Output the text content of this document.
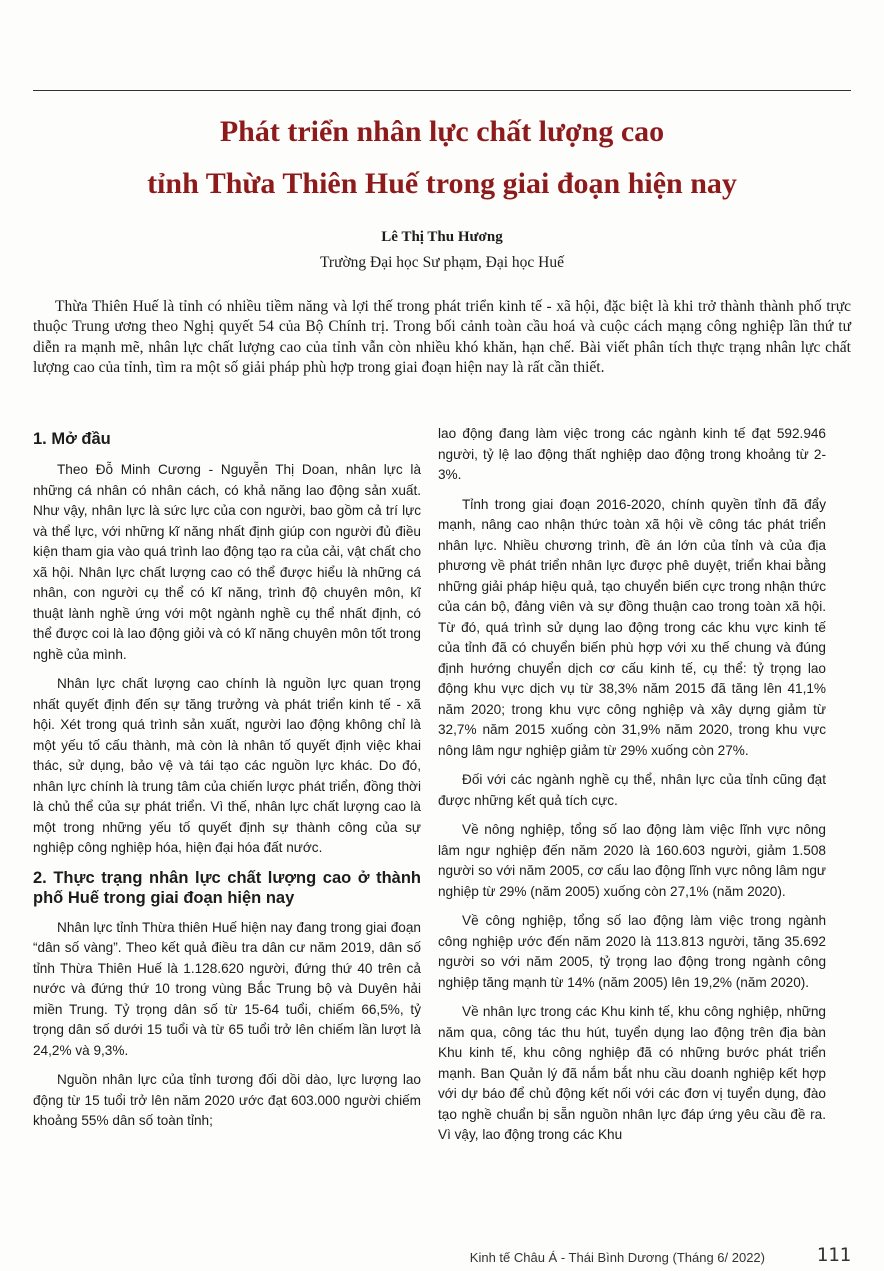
Phát triển nhân lực chất lượng cao
tỉnh Thừa Thiên Huế trong giai đoạn hiện nay
Lê Thị Thu Hương
Trường Đại học Sư phạm, Đại học Huế

Thừa Thiên Huế là tỉnh có nhiều tiềm năng và lợi thế trong phát triển kinh tế - xã hội, đặc biệt là khi trở thành thành phố trực thuộc Trung ương theo Nghị quyết 54 của Bộ Chính trị. Trong bối cảnh toàn cầu hoá và cuộc cách mạng công nghiệp lần thứ tư diễn ra mạnh mẽ, nhân lực chất lượng cao của tỉnh vẫn còn nhiều khó khăn, hạn chế. Bài viết phân tích thực trạng nhân lực chất lượng cao của tỉnh, tìm ra một số giải pháp phù hợp trong giai đoạn hiện nay là rất cần thiết.

1. Mở đầu

Theo Đỗ Minh Cương - Nguyễn Thị Doan, nhân lực là những cá nhân có nhân cách, có khả năng lao động sản xuất. Như vậy, nhân lực là sức lực của con người, bao gồm cả trí lực và thể lực, với những kĩ năng nhất định giúp con người đủ điều kiện tham gia vào quá trình lao động tạo ra của cải, vật chất cho xã hội. Nhân lực chất lượng cao có thể được hiểu là những cá nhân, con người cụ thể có kĩ năng, trình độ chuyên môn, kĩ thuật lành nghề ứng với một ngành nghề cụ thể nhất định, có thể được coi là lao động giỏi và có kĩ năng chuyên môn tốt trong nghề của mình.

Nhân lực chất lượng cao chính là nguồn lực quan trọng nhất quyết định đến sự tăng trưởng và phát triển kinh tế - xã hội. Xét trong quá trình sản xuất, người lao động không chỉ là một yếu tố cấu thành, mà còn là nhân tố quyết định việc khai thác, sử dụng, bảo vệ và tái tạo các nguồn lực khác. Do đó, nhân lực chính là trung tâm của chiến lược phát triển, đồng thời là chủ thể của sự phát triển. Vì thế, nhân lực chất lượng cao là một trong những yếu tố quyết định sự thành công của sự nghiệp công nghiệp hóa, hiện đại hóa đất nước.

2. Thực trạng nhân lực chất lượng cao ở thành phố Huế trong giai đoạn hiện nay

Nhân lực tỉnh Thừa thiên Huế hiện nay đang trong giai đoạn “dân số vàng”. Theo kết quả điều tra dân cư năm 2019, dân số tỉnh Thừa Thiên Huế là 1.128.620 người, đứng thứ 40 trên cả nước và đứng thứ 10 trong vùng Bắc Trung bộ và Duyên hải miền Trung. Tỷ trọng dân số từ 15-64 tuổi, chiếm 66,5%, tỷ trọng dân số dưới 15 tuổi và từ 65 tuổi trở lên chiếm lần lượt là 24,2% và 9,3%.

Nguồn nhân lực của tỉnh tương đối dồi dào, lực lượng lao động từ 15 tuổi trở lên năm 2020 ước đạt 603.000 người chiếm khoảng 55% dân số toàn tỉnh;

lao động đang làm việc trong các ngành kinh tế đạt 592.946 người, tỷ lệ lao động thất nghiệp dao động trong khoảng từ 2-3%.

Tỉnh trong giai đoạn 2016-2020, chính quyền tỉnh đã đẩy mạnh, nâng cao nhận thức toàn xã hội về công tác phát triển nhân lực. Nhiều chương trình, đề án lớn của tỉnh và của địa phương về phát triển nhân lực được phê duyệt, triển khai bằng những giải pháp hiệu quả, tạo chuyển biến cực trong nhận thức của cán bộ, đảng viên và sự đồng thuận cao trong toàn xã hội. Từ đó, quá trình sử dụng lao động trong các khu vực kinh tế của tỉnh đã có chuyển biến phù hợp với xu thế chung và đúng định hướng chuyển dịch cơ cấu kinh tế, cụ thể: tỷ trọng lao động khu vực dịch vụ từ 38,3% năm 2015 đã tăng lên 41,1% năm 2020; trong khu vực công nghiệp và xây dựng giảm từ 32,7% năm 2015 xuống còn 31,9% năm 2020, trong khu vực nông lâm ngư nghiệp giảm từ 29% xuống còn 27%.

Đối với các ngành nghề cụ thể, nhân lực của tỉnh cũng đạt được những kết quả tích cực.

Về nông nghiệp, tổng số lao động làm việc lĩnh vực nông lâm ngư nghiệp đến năm 2020 là 160.603 người, giảm 1.508 người so với năm 2005, cơ cấu lao động lĩnh vực nông lâm ngư nghiệp từ 29% (năm 2005) xuống còn 27,1% (năm 2020).

Về công nghiệp, tổng số lao động làm việc trong ngành công nghiệp ước đến năm 2020 là 113.813 người, tăng 35.692 người so với năm 2005, tỷ trọng lao động trong ngành công nghiệp tăng mạnh từ 14% (năm 2005) lên 19,2% (năm 2020).

Về nhân lực trong các Khu kinh tế, khu công nghiệp, những năm qua, công tác thu hút, tuyển dụng lao động trên địa bàn Khu kinh tế, khu công nghiệp đã có những bước phát triển mạnh. Ban Quản lý đã nắm bắt nhu cầu doanh nghiệp kết hợp với dự báo để chủ động kết nối với các đơn vị tuyển dụng, đào tạo nghề chuẩn bị sẵn nguồn nhân lực đáp ứng yêu cầu đề ra. Vì vậy, lao động trong các Khu

Kinh tế Châu Á - Thái Bình Dương (Tháng 6/ 2022)	111
